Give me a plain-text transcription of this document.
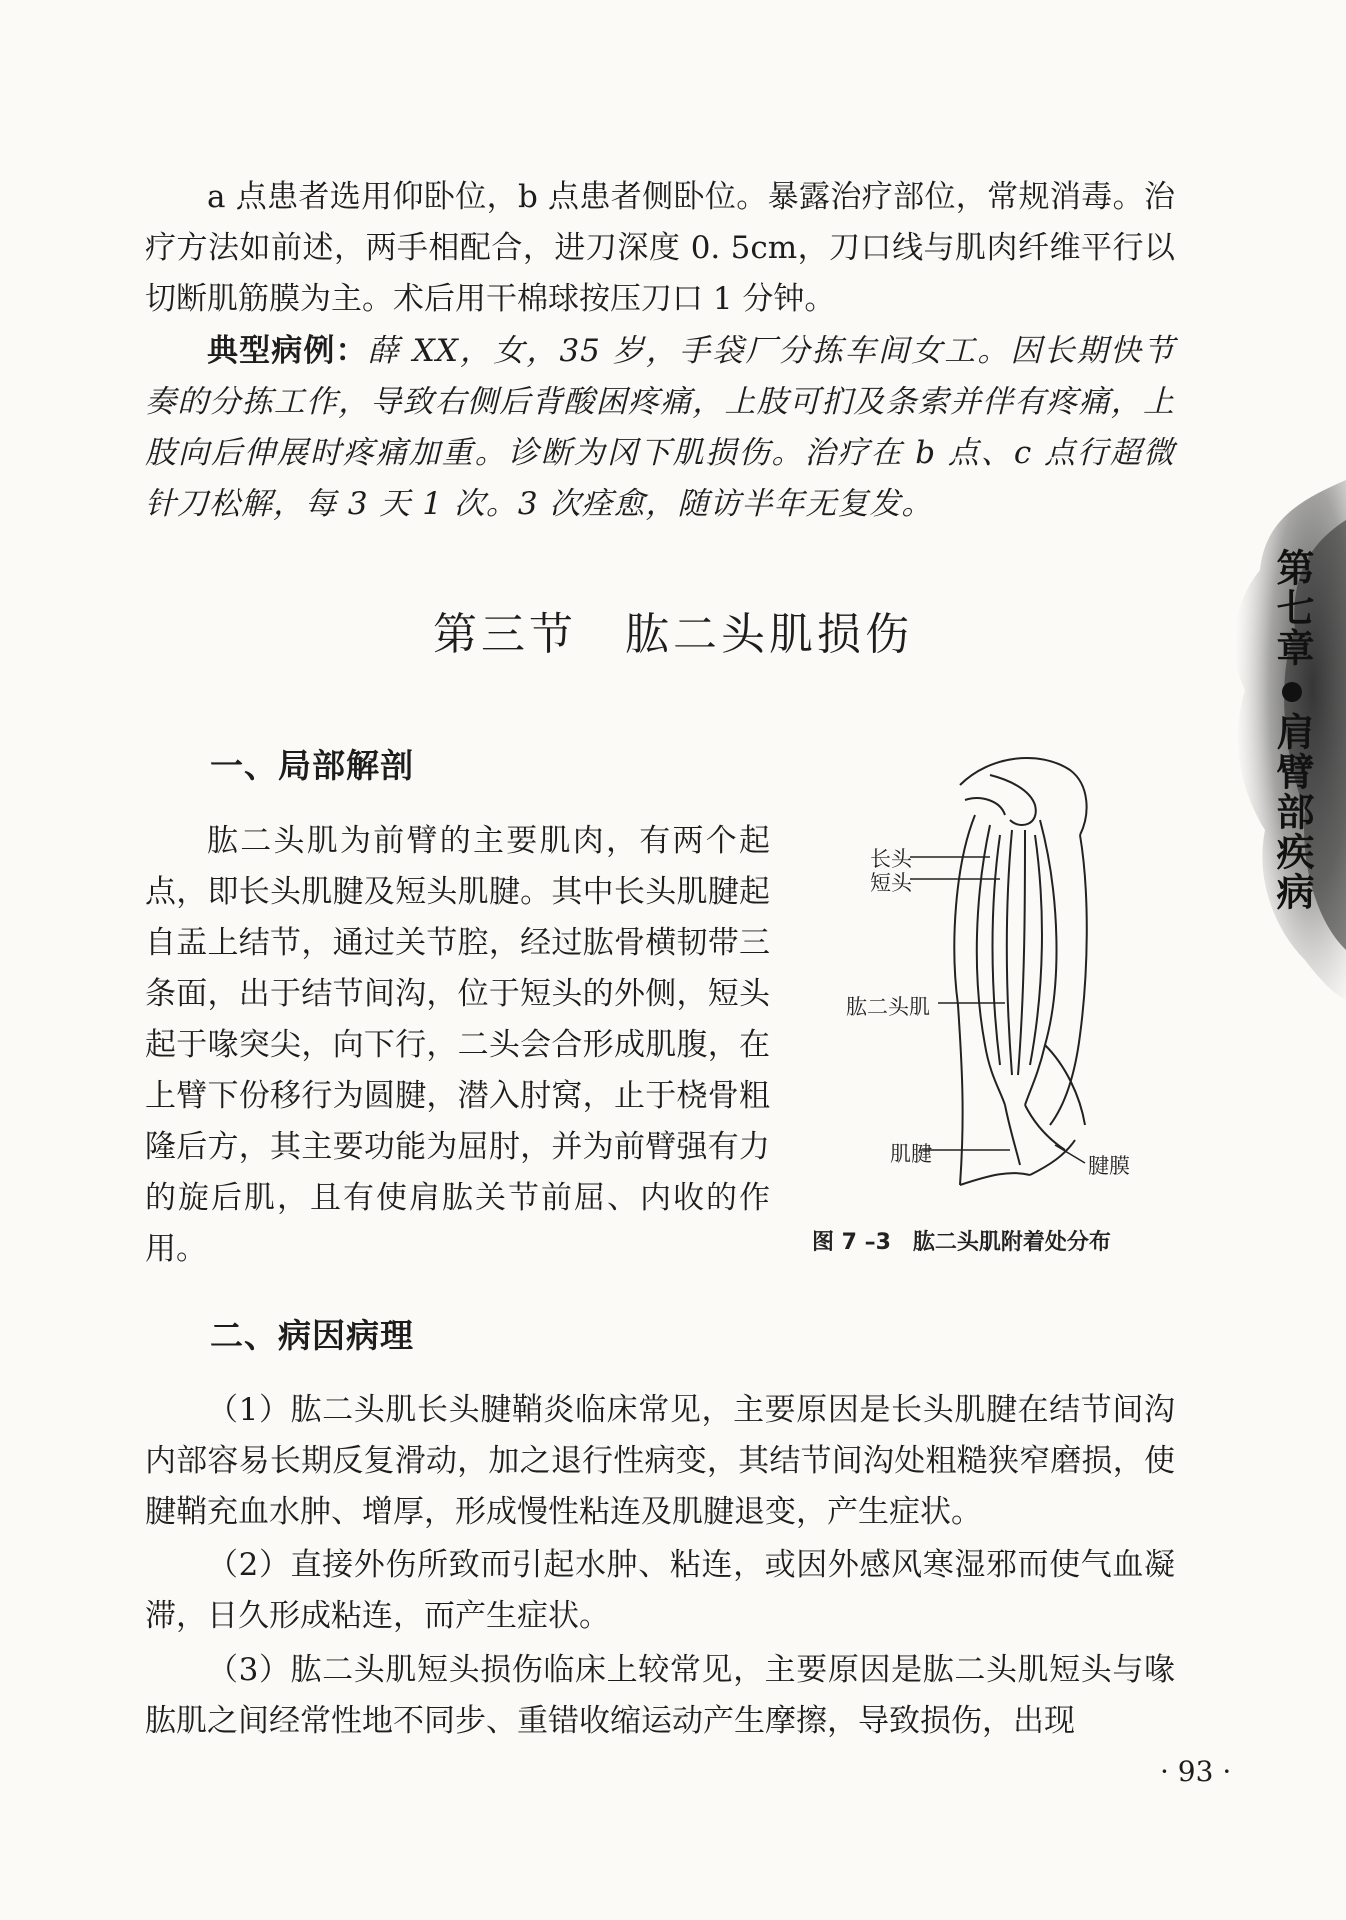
第七章
肩臂部疾病

a 点患者选用仰卧位，b 点患者侧卧位。暴露治疗部位，常规消毒。治疗方法如前述，两手相配合，进刀深度 0. 5cm，刀口线与肌肉纤维平行以切断肌筋膜为主。术后用干棉球按压刀口 1 分钟。

典型病例：薛 XX，女，35 岁，手袋厂分拣车间女工。因长期快节奏的分拣工作，导致右侧后背酸困疼痛，上肢可扪及条索并伴有疼痛，上肢向后伸展时疼痛加重。诊断为冈下肌损伤。治疗在 b 点、c 点行超微针刀松解，每 3 天 1 次。3 次痊愈，随访半年无复发。

第三节　肱二头肌损伤
一、局部解剖

肱二头肌为前臂的主要肌肉，有两个起点，即长头肌腱及短头肌腱。其中长头肌腱起自盂上结节，通过关节腔，经过肱骨横韧带三条面，出于结节间沟，位于短头的外侧，短头起于喙突尖，向下行，二头会合形成肌腹，在上臂下份移行为圆腱，潜入肘窝，止于桡骨粗隆后方，其主要功能为屈肘，并为前臂强有力的旋后肌，且有使肩肱关节前屈、内收的作用。

长头
短头
肱二头肌
肌腱	腱膜
图 7 –3　肱二头肌附着处分布
二、病因病理

（1）肱二头肌长头腱鞘炎临床常见，主要原因是长头肌腱在结节间沟内部容易长期反复滑动，加之退行性病变，其结节间沟处粗糙狭窄磨损，使腱鞘充血水肿、增厚，形成慢性粘连及肌腱退变，产生症状。

（2）直接外伤所致而引起水肿、粘连，或因外感风寒湿邪而使气血凝滞，日久形成粘连，而产生症状。

（3）肱二头肌短头损伤临床上较常见，主要原因是肱二头肌短头与喙肱肌之间经常性地不同步、重错收缩运动产生摩擦，导致损伤，出现

· 93 ·
